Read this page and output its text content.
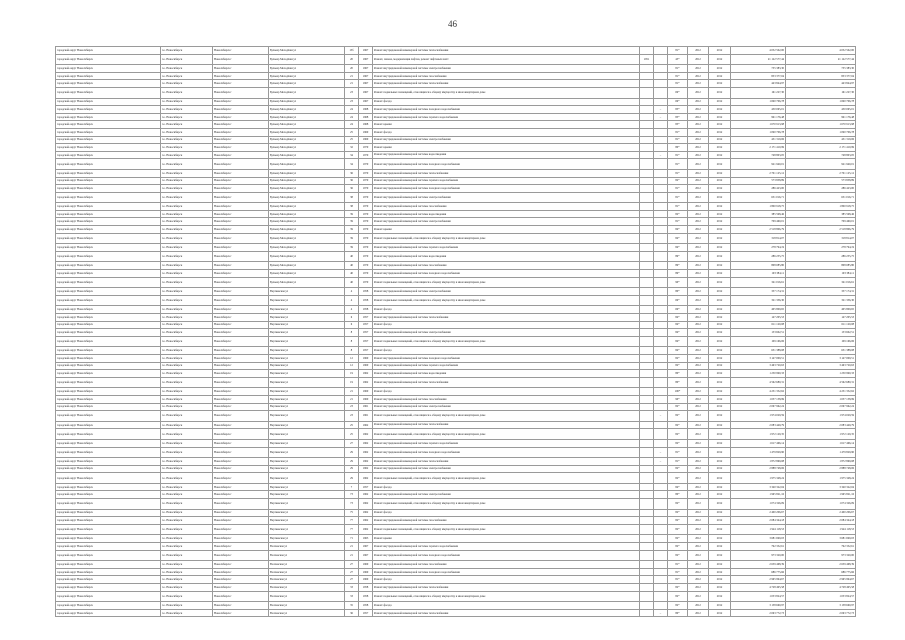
46
городской округ Новосибирск	г.о. Новосибирск	Новосибирск г	Бульвар Молодёжи ул	15б	1967	Ремонт внутридомовой инженерной системы теплоснабжения			81*	2012	2012	4 052 502,00	4 052 502,00
городской округ Новосибирск	г.о. Новосибирск	Новосибирск г	Бульвар Молодёжи ул	20	1967	Ремонт, замена, модернизация лифтов, ремонт лифтовых шахт	1951		45*	2012	2012	21 122 577,44	21 122 577,44
городской округ Новосибирск	г.о. Новосибирск	Новосибирск г	Бульвар Молодёжи ул	20	1967	Ремонт внутридомовой инженерной системы электроснабжения			81*	2012	2012	735 383,30	735 383,30
городской округ Новосибирск	г.о. Новосибирск	Новосибирск г	Бульвар Молодёжи ул	21	1967	Ремонт внутридомовой инженерной системы газоснабжения			81*	2012	2012	853 377,04	853 377,04
городской округ Новосибирск	г.о. Новосибирск	Новосибирск г	Бульвар Молодёжи ул	21	1967	Ремонт внутридомовой инженерной системы теплоснабжения			81*	2012	2012	443 844,97	443 844,97
городской округ Новосибирск	г.о. Новосибирск	Новосибирск г	Бульвар Молодёжи ул	23	1967	Ремонт подвальных помещений, относящихся к общему имуществу в многоквартирном доме			69*	2012	2012	161 227,30	161 227,30
городской округ Новосибирск	г.о. Новосибирск	Новосибирск г	Бульвар Молодёжи ул	23	1967	Ремонт фасада			69*	2012	2012	1 690 706,78	1 690 706,78
городской округ Новосибирск	г.о. Новосибирск	Новосибирск г	Бульвар Молодёжи ул	24	1968	Ремонт внутридомовой инженерной системы холодного водоснабжения		–	85*	2012	2012	450 065,01	450 065,01
городской округ Новосибирск	г.о. Новосибирск	Новосибирск г	Бульвар Молодёжи ул	24	1968	Ремонт внутридомовой инженерной системы горячего водоснабжения		–	85*	2012	2012	991 176,48	991 176,48
городской округ Новосибирск	г.о. Новосибирск	Новосибирск г	Бульвар Молодёжи ул	24	1968	Ремонт крыши			85*	2012	2012	1 670 913,98	1 670 913,98
городской округ Новосибирск	г.о. Новосибирск	Новосибирск г	Бульвар Молодёжи ул	25	1969	Ремонт фасада			81*	2012	2012	1 090 706,78	1 090 706,78
городской округ Новосибирск	г.о. Новосибирск	Новосибирск г	Бульвар Молодёжи ул	25	1969	Ремонт внутридомовой инженерной системы электроснабжения			81*	2012	2012	451 319,06	451 319,06
городской округ Новосибирск	г.о. Новосибирск	Новосибирск г	Бульвар Молодёжи ул	32	1970	Ремонт крыши			80*	2012	2012	2 171 410,99	2 171 410,99
городской округ Новосибирск	г.о. Новосибирск	Новосибирск г	Бульвар Молодёжи ул	34	1970	Ремонт внутридомовой инженерной системы водоотведения		–	81*	2012	2012	748 803,05	748 803,05
городской округ Новосибирск	г.о. Новосибирск	Новосибирск г	Бульвар Молодёжи ул	34	1970	Ремонт внутридомовой инженерной системы холодного водоснабжения			81*	2012	2012	921 940,01	921 940,01
городской округ Новосибирск	г.о. Новосибирск	Новосибирск г	Бульвар Молодёжи ул	36	1970	Ремонт внутридомовой инженерной системы теплоснабжения			81*	2012	2012	2 701 125,12	2 701 125,12
городской округ Новосибирск	г.о. Новосибирск	Новосибирск г	Бульвар Молодёжи ул	36	1970	Ремонт внутридомовой инженерной системы горячего водоснабжения			82*	2012	2012	573 858,89	573 858,89
городской округ Новосибирск	г.о. Новосибирск	Новосибирск г	Бульвар Молодёжи ул	36	1970	Ремонт внутридомовой инженерной системы холодного водоснабжения			81*	2012	2012	286 423,00	286 423,00
городской округ Новосибирск	г.о. Новосибирск	Новосибирск г	Бульвар Молодёжи ул	38	1970	Ремонт внутридомовой инженерной системы электроснабжения			81*	2012	2012	651 016,71	651 016,71
городской округ Новосибирск	г.о. Новосибирск	Новосибирск г	Бульвар Молодёжи ул	38	1970	Ремонт внутридомовой инженерной системы газоснабжения			81*	2012	2012	1 800 918,75	1 800 918,75
городской округ Новосибирск	г.о. Новосибирск	Новосибирск г	Бульвар Молодёжи ул	39	1970	Ремонт внутридомовой инженерной системы водоотведения			82*	2012	2012	385 598,46	385 598,46
городской округ Новосибирск	г.о. Новосибирск	Новосибирск г	Бульвар Молодёжи ул	39	1970	Ремонт внутридомовой инженерной системы электроснабжения			81*	2012	2012	709 460,01	709 460,01
городской округ Новосибирск	г.о. Новосибирск	Новосибирск г	Бульвар Молодёжи ул	39	1970	Ремонт крыши			84*	2012	2012	2 518 806,79	2 518 806,79
городской округ Новосибирск	г.о. Новосибирск	Новосибирск г	Бульвар Молодёжи ул	39	1970	Ремонт подвальных помещений, относящихся к общему имуществу в многоквартирном доме			84*	2012	2012	318 814,07	318 814,07
городской округ Новосибирск	г.о. Новосибирск	Новосибирск г	Бульвар Молодёжи ул	39	1970	Ремонт внутридомовой инженерной системы горячего водоснабжения			84*	2012	2012	278 794,19	278 794,19
городской округ Новосибирск	г.о. Новосибирск	Новосибирск г	Бульвар Молодёжи ул	40	1970	Ремонт внутридомовой инженерной системы водоотведения			89*	2012	2012	286 255,75	286 255,75
городской округ Новосибирск	г.о. Новосибирск	Новосибирск г	Бульвар Молодёжи ул	40	1970	Ремонт внутридомовой инженерной системы газоснабжения			89*	2012	2012	808 085,80	808 085,80
городской округ Новосибирск	г.о. Новосибирск	Новосибирск г	Бульвар Молодёжи ул	40	1970	Ремонт внутридомовой инженерной системы холодного водоснабжения			89*	2012	2012	193 384,11	193 384,11
городской округ Новосибирск	г.о. Новосибирск	Новосибирск г	Бульвар Молодёжи ул	40	1970	Ремонт подвальных помещений, относящихся к общему имуществу в многоквартирном доме			90*	2012	2012	341 016,61	341 016,61
городской округ Новосибирск	г.о. Новосибирск	Новосибирск г	Вертковская ул	4	1958	Ремонт внутридомовой инженерной системы электроснабжения			80*	2012	2012	357 174,31	357 174,31
городской округ Новосибирск	г.о. Новосибирск	Новосибирск г	Вертковская ул	4	1958	Ремонт подвальных помещений, относящихся к общему имуществу в многоквартирном доме			69*	2012	2012	321 336,30	321 336,30
городской округ Новосибирск	г.о. Новосибирск	Новосибирск г	Вертковская ул	4	1958	Ремонт фасада			69*	2012	2012	405 809,65	405 809,65
городской округ Новосибирск	г.о. Новосибирск	Новосибирск г	Вертковская ул	6	1957	Ремонт внутридомовой инженерной системы теплоснабжения			84*	2012	2012	147 205,53	147 205,53
городской округ Новосибирск	г.о. Новосибирск	Новосибирск г	Вертковская ул	6	1957	Ремонт фасада			84*	2012	2012	611 120,08	611 120,08
городской округ Новосибирск	г.о. Новосибирск	Новосибирск г	Вертковская ул	8	1957	Ремонт внутридомовой инженерной системы электроснабжения			84*	2012	2012	153 602,51	153 602,51
городской округ Новосибирск	г.о. Новосибирск	Новосибирск г	Вертковская ул	8	1957	Ремонт подвальных помещений, относящихся к общему имуществу в многоквартирном доме			84*	2012	2012	109 166,06	109 166,06
городской округ Новосибирск	г.о. Новосибирск	Новосибирск г	Вертковская ул	8	1957	Ремонт фасада			84*	2012	2012	631 388,08	631 388,08
городской округ Новосибирск	г.о. Новосибирск	Новосибирск г	Вертковская ул	12	1960	Ремонт внутридомовой инженерной системы холодного водоснабжения			82*	2012	2012	3 147 009,51	3 147 009,51
городской округ Новосибирск	г.о. Новосибирск	Новосибирск г	Вертковская ул	12	1960	Ремонт внутридомовой инженерной системы горячего водоснабжения			82*	2012	2012	3 463 720,63	3 463 720,63
городской округ Новосибирск	г.о. Новосибирск	Новосибирск г	Вертковская ул	19	1962	Ремонт внутридомовой инженерной системы водоотведения			80*	2012	2012	1 250 990,33	1 250 990,33
городской округ Новосибирск	г.о. Новосибирск	Новосибирск г	Вертковская ул	19	1962	Ремонт внутридомовой инженерной системы теплоснабжения			80*	2012	2012	4 562 680,31	4 562 680,31
городской округ Новосибирск	г.о. Новосибирск	Новосибирск г	Вертковская ул	21	1960	Ремонт фасада			100*	2012	2012	4 231 352,62	4 231 352,62
городской округ Новосибирск	г.о. Новосибирск	Новосибирск г	Вертковская ул	21	1960	Ремонт внутридомовой инженерной системы газоснабжения			90*	2012	2012	1 037 158,99	1 037 158,99
городской округ Новосибирск	г.о. Новосибирск	Новосибирск г	Вертковская ул	23	1961	Ремонт внутридомовой инженерной системы электроснабжения			82*	2012	2012	2 067 962,24	2 067 962,24
городской округ Новосибирск	г.о. Новосибирск	Новосибирск г	Вертковская ул	23	1961	Ремонт подвальных помещений, относящихся к общему имуществу в многоквартирном доме		–	82*	2012	2012	1 974 029,59	1 974 029,59
городской округ Новосибирск	г.о. Новосибирск	Новосибирск г	Вертковская ул	25	1962	Ремонт внутридомовой инженерной системы теплоснабжения			82*	2012	2012	2 083 449,79	2 083 449,79
городской округ Новосибирск	г.о. Новосибирск	Новосибирск г	Вертковская ул	25	1962	Ремонт подвальных помещений, относящихся к общему имуществу в многоквартирном доме			82*	2012	2012	1 972 129,35	1 972 129,35
городской округ Новосибирск	г.о. Новосибирск	Новосибирск г	Вертковская ул	27	1962	Ремонт внутридомовой инженерной системы горячего водоснабжения			82*	2012	2012	1 617 466,14	1 617 466,14
городской округ Новосибирск	г.о. Новосибирск	Новосибирск г	Вертковская ул	29	1962	Ремонт внутридомовой инженерной системы холодного водоснабжения		–	81*	2012	2012	1 479 829,90	1 479 829,90
городской округ Новосибирск	г.о. Новосибирск	Новосибирск г	Вертковская ул	29	1962	Ремонт внутридомовой инженерной системы теплоснабжения		–	81*	2012	2012	1 872 869,08	1 872 869,08
городской округ Новосибирск	г.о. Новосибирск	Новосибирск г	Вертковская ул	29	1962	Ремонт внутридомовой инженерной системы электроснабжения			82*	2012	2012	2 888 748,06	2 888 748,06
городской округ Новосибирск	г.о. Новосибирск	Новосибирск г	Вертковская ул	29	1962	Ремонт подвальных помещений, относящихся к общему имуществу в многоквартирном доме			82*	2012	2012	1 975 348,24	1 975 348,24
городской округ Новосибирск	г.о. Новосибирск	Новосибирск г	Вертковская ул	7	1957	Ремонт фасада			84*	2012	2012	3 340 322,04	3 340 322,04
городской округ Новосибирск	г.о. Новосибирск	Новосибирск г	Вертковская ул	73	1962	Ремонт внутридомовой инженерной системы электроснабжения			80*	2012	2012	1 965 821,16	1 965 821,16
городской округ Новосибирск	г.о. Новосибирск	Новосибирск г	Вертковская ул	73	1962	Ремонт подвальных помещений, относящихся к общему имуществу в многоквартирном доме			82*	2012	2012	1 074 326,09	1 074 326,09
городской округ Новосибирск	г.о. Новосибирск	Новосибирск г	Вертковская ул	75	1962	Ремонт фасада			82*	2012	2012	2 400 206,67	2 400 206,67
городской округ Новосибирск	г.о. Новосибирск	Новосибирск г	Вертковская ул	77	1962	Ремонт внутридомовой инженерной системы газоснабжения			82*	2012	2012	2 084 344,18	2 084 344,18
городской округ Новосибирск	г.о. Новосибирск	Новосибирск г	Вертковская ул	77	1962	Ремонт подвальных помещений, относящихся к общему имуществу в многоквартирном доме			82*	2012	2012	1 924 118,53	1 924 118,53
городской округ Новосибирск	г.о. Новосибирск	Новосибирск г	Вертковская ул	71	1963	Ремонт крыши			82*	2012	2012	3 681 699,03	3 681 699,03
городской округ Новосибирск	г.о. Новосибирск	Новосибирск г	Волховская ул	21	1967	Ремонт внутридомовой инженерной системы горячего водоснабжения			82*	2012	2012	792 352,61	792 352,61
городской округ Новосибирск	г.о. Новосибирск	Новосибирск г	Волховская ул	21	1967	Ремонт внутридомовой инженерной системы холодного водоснабжения			82*	2012	2012	973 320,00	973 320,00
городской округ Новосибирск	г.о. Новосибирск	Новосибирск г	Волховская ул	27	1969	Ремонт внутридомовой инженерной системы газоснабжения			81*	2012	2012	2 659 468,39	2 659 468,39
городской округ Новосибирск	г.о. Новосибирск	Новосибирск г	Волховская ул	27	1969	Ремонт внутридомовой инженерной системы холодного водоснабжения			81*	2012	2012	686 775,66	686 775,66
городской округ Новосибирск	г.о. Новосибирск	Новосибирск г	Волховская ул	27	1969	Ремонт фасада			81*	2012	2012	2 965 994,67	2 965 994,67
городской округ Новосибирск	г.о. Новосибирск	Новосибирск г	Волховская ул	33	1958	Ремонт внутридомовой инженерной системы теплоснабжения			82*	2012	2012	4 728 495,58	4 728 495,58
городской округ Новосибирск	г.о. Новосибирск	Новосибирск г	Волховская ул	33	1958	Ремонт подвальных помещений, относящихся к общему имуществу в многоквартирном доме			82*	2012	2012	1 053 824,57	1 053 824,57
городской округ Новосибирск	г.о. Новосибирск	Новосибирск г	Волховская ул	35	1958	Ремонт фасада			82*	2012	2012	3 158 660,97	3 158 660,97
городской округ Новосибирск	г.о. Новосибирск	Новосибирск г	Волховская ул	36	1957	Ремонт внутридомовой инженерной системы теплоснабжения		–	80*	2012	2012	2 063 772,73	2 063 772,73
